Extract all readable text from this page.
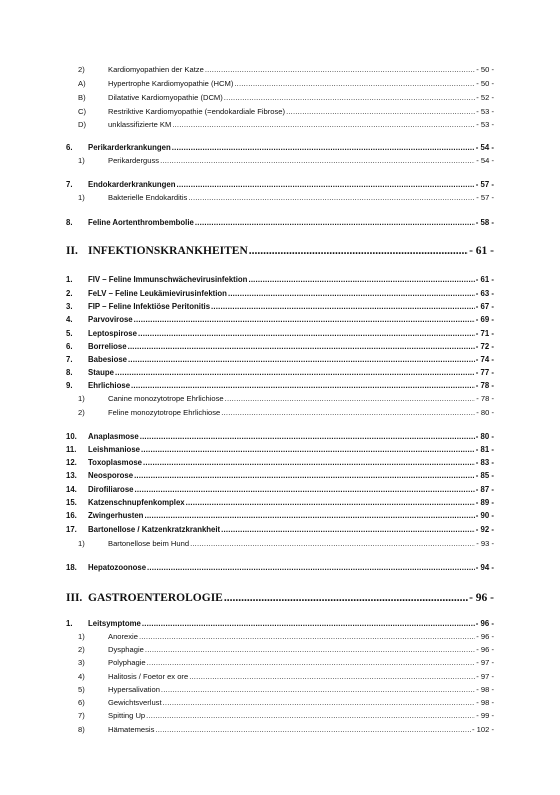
2)	Kardiomyopathien der Katze .....	- 50 -
A)	Hypertrophe Kardiomyopathie (HCM) .....	- 50 -
B)	Dilatative Kardiomyopathie (DCM) .....	- 52 -
C)	Restriktive Kardiomyopathie (=endokardiale Fibrose) .....	- 53 -
D)	unklassifizierte KM .....	- 53 -
6.	Perikarderkrankungen .....	- 54 -
1)	Perikarderguss .....	- 54 -
7.	Endokarderkrankungen .....	- 57 -
1)	Bakterielle Endokarditis .....	- 57 -
8.	Feline Aortenthrombembolie .....	- 58 -
II. INFEKTIONSKRANKHEITEN .....	- 61 -
1.	FIV – Feline Immunschwächevirusinfektion .....	- 61 -
2.	FeLV – Feline Leukämievirusinfektion .....	- 63 -
3.	FIP – Feline Infektiöse Peritonitis .....	- 67 -
4.	Parvovirose .....	- 69 -
5.	Leptospirose .....	- 71 -
6.	Borreliose .....	- 72 -
7.	Babesiose .....	- 74 -
8.	Staupe .....	- 77 -
9.	Ehrlichiose .....	- 78 -
1)	Canine monozytotrope Ehrlichiose .....	- 78 -
2)	Feline monozytotrope Ehrlichiose .....	- 80 -
10.	Anaplasmose .....	- 80 -
11.	Leishmaniose .....	- 81 -
12.	Toxoplasmose .....	- 83 -
13.	Neosporose .....	- 85 -
14.	Dirofiliarose .....	- 87 -
15.	Katzenschnupfenkomplex .....	- 89 -
16.	Zwingerhusten .....	- 90 -
17.	Bartonellose / Katzenkratzkrankheit .....	- 92 -
1)	Bartonellose beim Hund .....	- 93 -
18.	Hepatozoonose .....	- 94 -
III. GASTROENTEROLOGIE .....	- 96 -
1.	Leitsymptome .....	- 96 -
1)	Anorexie .....	- 96 -
2)	Dysphagie .....	- 96 -
3)	Polyphagie .....	- 97 -
4)	Halitosis / Foetor ex ore .....	- 97 -
5)	Hypersalivation .....	- 98 -
6)	Gewichtsverlust .....	- 98 -
7)	Spitting Up .....	- 99 -
8)	Hämatemesis .....	- 102 -
